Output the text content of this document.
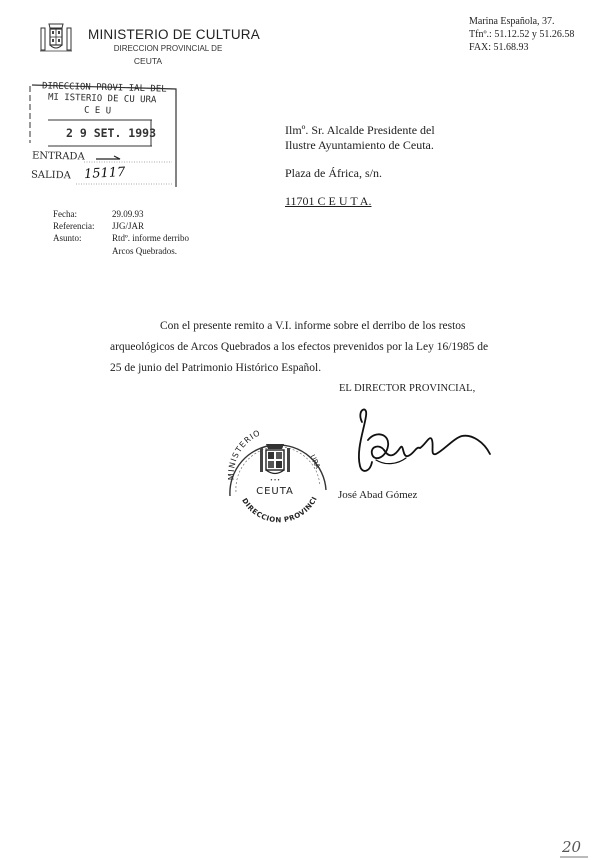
MINISTERIO DE CULTURA
DIRECCION PROVINCIAL DE
CEUTA
Marina Española, 37.
Tfnº.: 51.12.52 y 51.26.58
FAX: 51.68.93
DIRECCION PROVI IAL DEL
MI ISTERIO DE CU URA
C E U
2 9 SET. 1993
ENTRADA
SALIDA 15117
Ilmº. Sr. Alcalde Presidente del
Ilustre Ayuntamiento de Ceuta.
Plaza de África, s/n.
11701 C E U T A.
Fecha:	29.09.93
Referencia: JJG/JAR
Asunto:	Rtdº. informe derribo
Arcos Quebrados.
Con el presente remito a V.I. informe sobre el derribo de los restos arqueológicos de Arcos Quebrados a los efectos prevenidos por la Ley 16/1985 de 25 de junio del Patrimonio Histórico Español.
EL DIRECTOR PROVINCIAL,
MINISTERIO
URA
DIRECCION PROVINCI
CEUTA
• • •
José Abad Gómez
20
